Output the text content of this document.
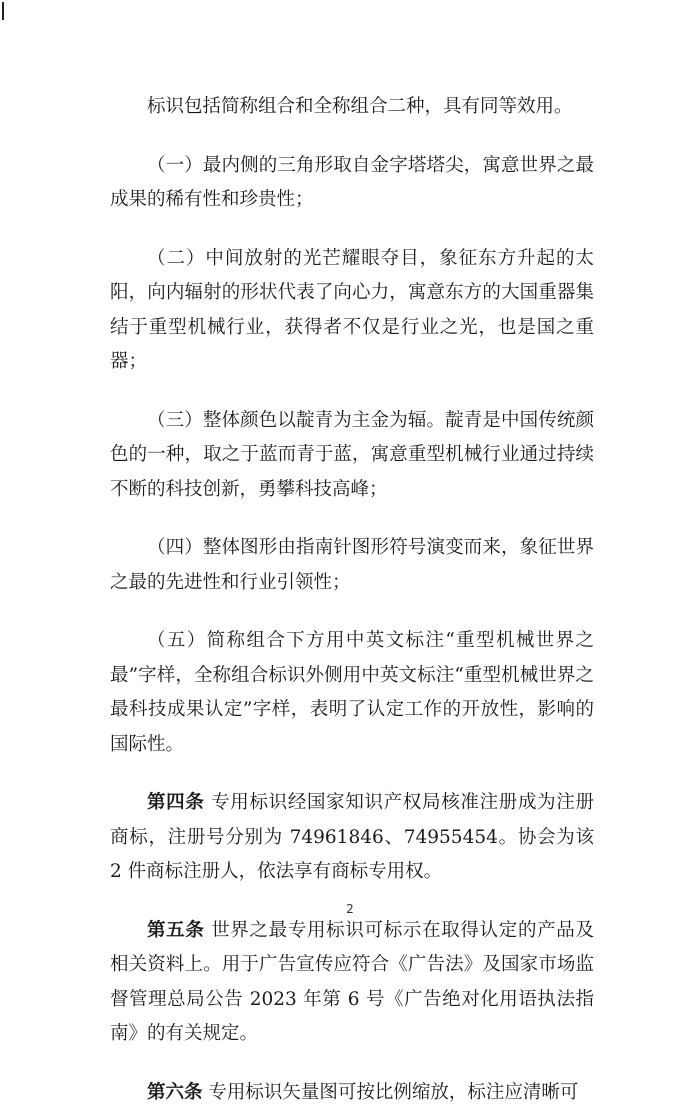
标识包括简称组合和全称组合二种，具有同等效用。

（一）最内侧的三角形取自金字塔塔尖，寓意世界之最成果的稀有性和珍贵性；

（二）中间放射的光芒耀眼夺目，象征东方升起的太阳，向内辐射的形状代表了向心力，寓意东方的大国重器集结于重型机械行业，获得者不仅是行业之光，也是国之重器；

（三）整体颜色以靛青为主金为辐。靛青是中国传统颜色的一种，取之于蓝而青于蓝，寓意重型机械行业通过持续不断的科技创新，勇攀科技高峰；

（四）整体图形由指南针图形符号演变而来，象征世界之最的先进性和行业引领性；

（五）简称组合下方用中英文标注“重型机械世界之最”字样，全称组合标识外侧用中英文标注“重型机械世界之最科技成果认定”字样，表明了认定工作的开放性，影响的国际性。

第四条 专用标识经国家知识产权局核准注册成为注册商标，注册号分别为 74961846、74955454。协会为该 2 件商标注册人，依法享有商标专用权。

第五条 世界之最专用标识可标示在取得认定的产品及相关资料上。用于广告宣传应符合《广告法》及国家市场监督管理总局公告 2023 年第 6 号《广告绝对化用语执法指南》的有关规定。

第六条 专用标识矢量图可按比例缩放，标注应清晰可

2
